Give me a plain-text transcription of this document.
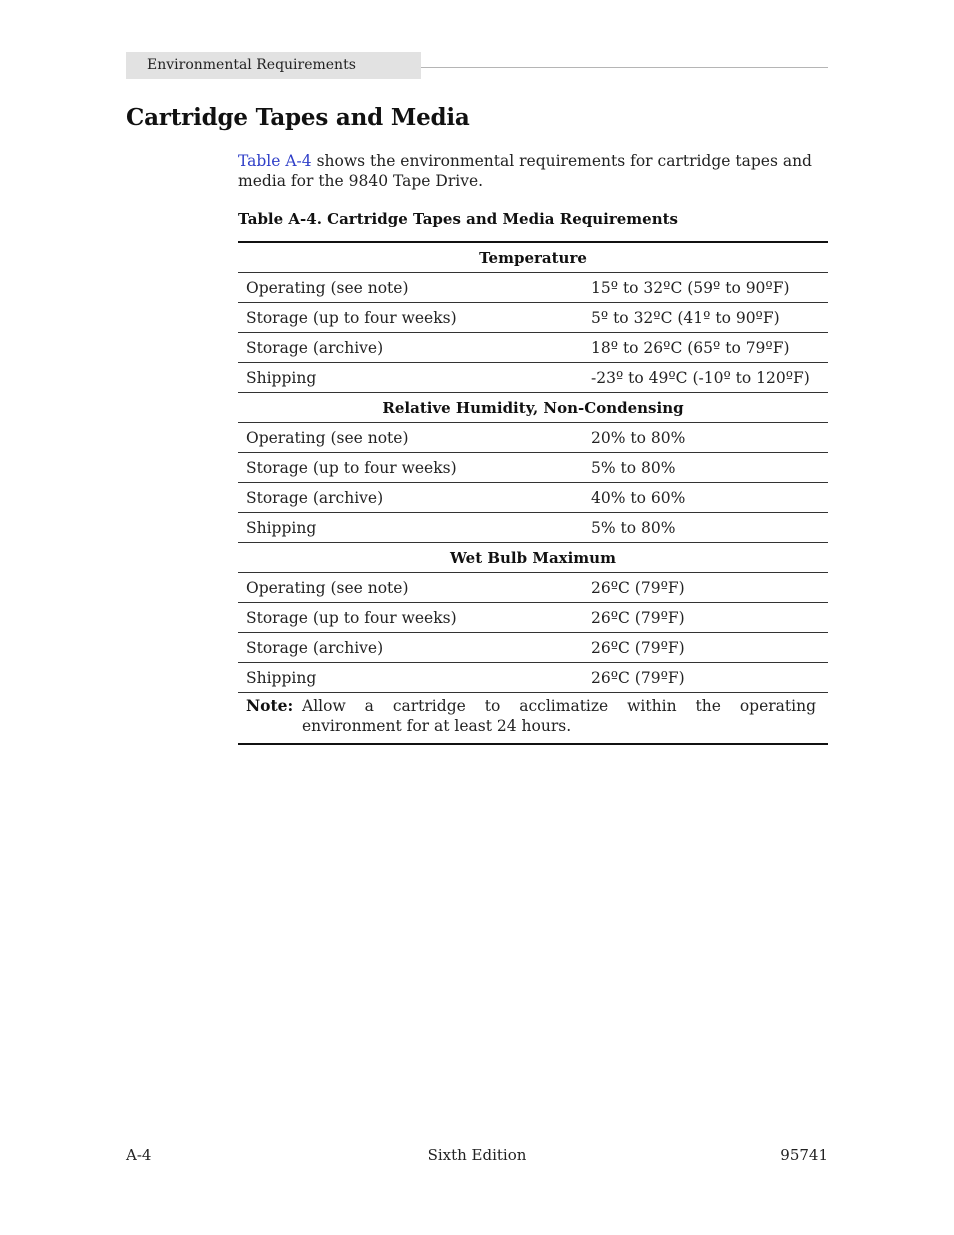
Environmental Requirements
Cartridge Tapes and Media

Table A-4 shows the environmental requirements for cartridge tapes and media for the 9840 Tape Drive.

Table A-4. Cartridge Tapes and Media Requirements

Temperature	
Operating (see note)	15º to 32ºC (59º to 90ºF)
Storage (up to four weeks)	5º to 32ºC (41º to 90ºF)
Storage (archive)	18º to 26ºC (65º to 79ºF)
Shipping	-23º to 49ºC (-10º to 120ºF)
Relative Humidity, Non-Condensing	
Operating (see note)	20% to 80%
Storage (up to four weeks)	5% to 80%
Storage (archive)	40% to 60%
Shipping	5% to 80%
Wet Bulb Maximum	
Operating (see note)	26ºC (79ºF)
Storage (up to four weeks)	26ºC (79ºF)
Storage (archive)	26ºC (79ºF)
Shipping	26ºC (79ºF)

Note: Allow a cartridge to acclimatize within the operating environment for at least 24 hours.	
A-4	Sixth Edition	95741
